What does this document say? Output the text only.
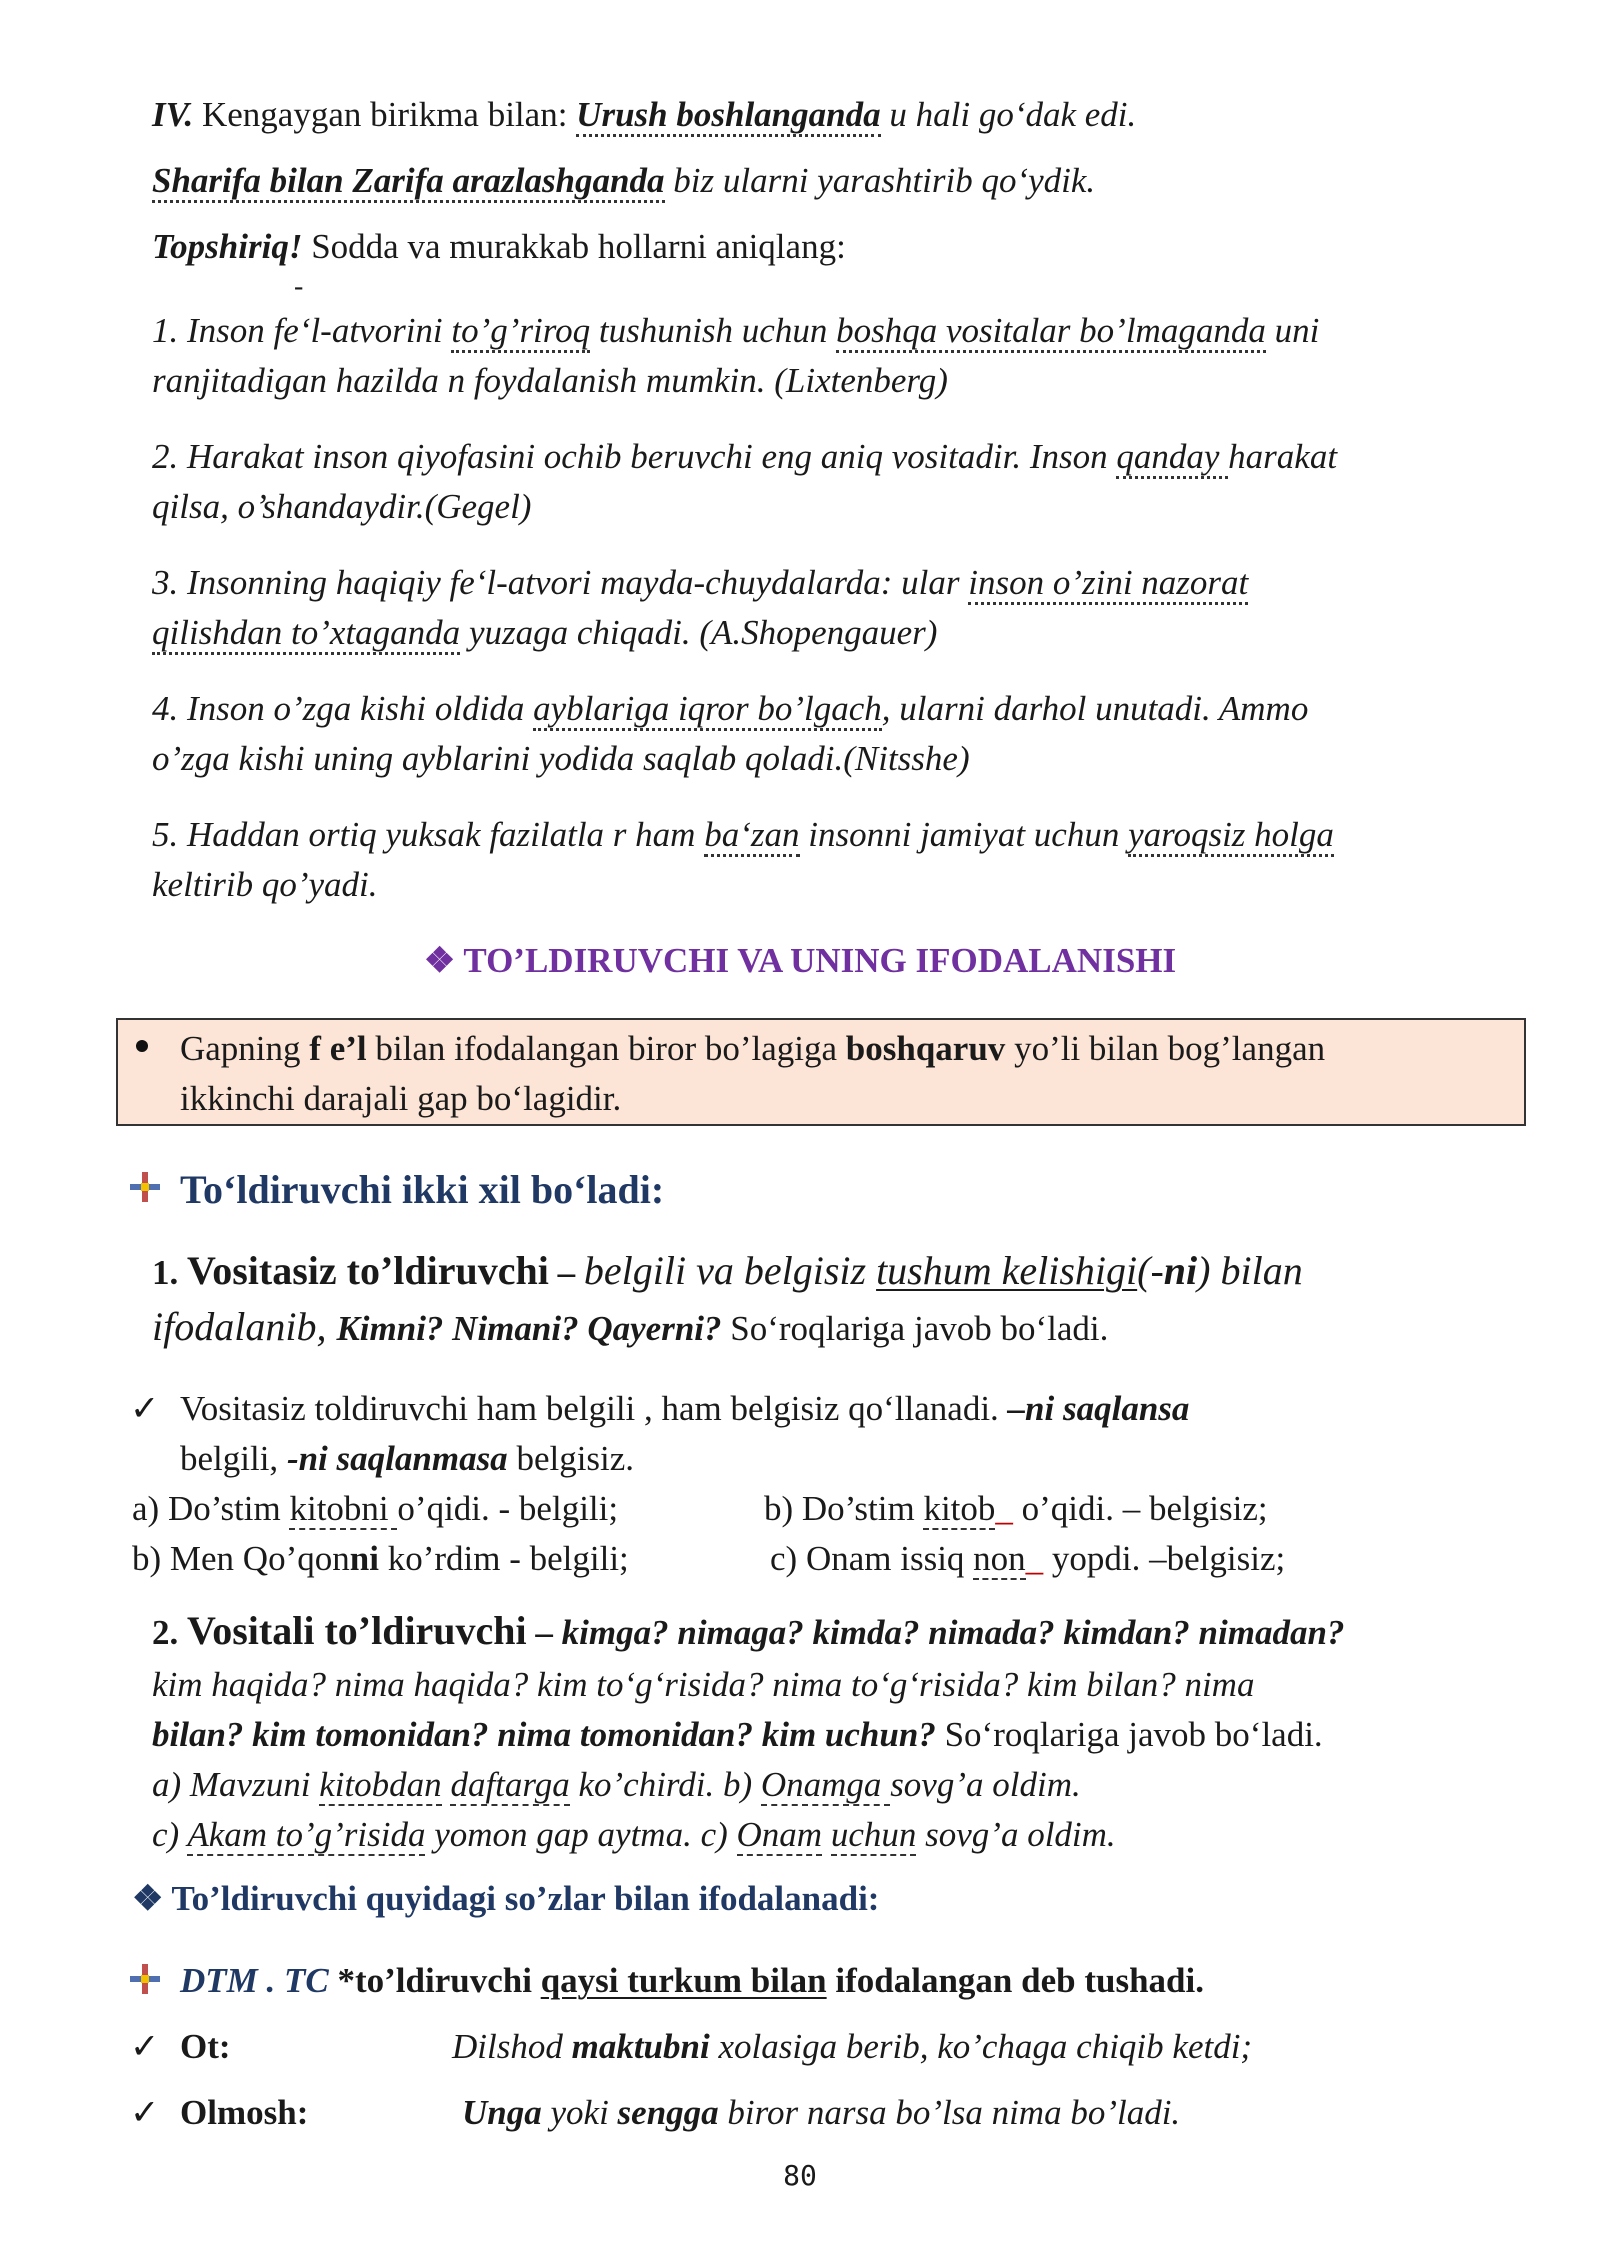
IV. Kengaygan birikma bilan: Urush boshlanganda u hali go‘dak edi.
Sharifa bilan Zarifa arazlashganda biz ularni yarashtirib qo‘ydik.
Topshiriq! Sodda va murakkab hollarni aniqlang:
-
1. Inson fe‘l-atvorini to’g’riroq tushunish uchun boshqa vositalar bo’lmaganda uni
ranjitadigan hazilda n foydalanish mumkin. (Lixtenberg)
2. Harakat inson qiyofasini ochib beruvchi eng aniq vositadir. Inson qanday harakat
qilsa, o’shandaydir.(Gegel)
3. Insonning haqiqiy fe‘l-atvori mayda-chuydalarda: ular inson o’zini nazorat
qilishdan to’xtaganda yuzaga chiqadi. (A.Shopengauer)
4. Inson o’zga kishi oldida ayblariga iqror bo’lgach, ularni darhol unutadi. Ammo
o’zga kishi uning ayblarini yodida saqlab qoladi.(Nitsshe)
5. Haddan ortiq yuksak fazilatla r ham ba‘zan insonni jamiyat uchun yaroqsiz holga
keltirib qo’yadi.
❖ TO’LDIRUVCHI VA UNING IFODALANISHI
Gapning f e’l bilan ifodalangan biror bo’lagiga boshqaruv yo’li bilan bog’langan
ikkinchi darajali gap bo‘lagidir.
To‘ldiruvchi ikki xil bo‘ladi:
1. Vositasiz to’ldiruvchi – belgili va belgisiz tushum kelishigi(-ni) bilan
ifodalanib, Kimni? Nimani? Qayerni? So‘roqlariga javob bo‘ladi.
✓ Vositasiz toldiruvchi ham belgili , ham belgisiz qo‘llanadi. –ni saqlansa
belgili, -ni saqlanmasa belgisiz.
a) Do’stim kitobni o’qidi. - belgili;	b) Do’stim kitob_ o’qidi. – belgisiz;
b) Men Qo’qonni ko’rdim - belgili;	c) Onam issiq non_ yopdi. –belgisiz;
2. Vositali to’ldiruvchi – kimga? nimaga? kimda? nimada? kimdan? nimadan?
kim haqida? nima haqida? kim to‘g‘risida? nima to‘g‘risida? kim bilan? nima
bilan? kim tomonidan? nima tomonidan? kim uchun? So‘roqlariga javob bo‘ladi.
a) Mavzuni kitobdan daftarga ko’chirdi. b) Onamga sovg’a oldim.
c) Akam to’g’risida yomon gap aytma. c) Onam uchun sovg’a oldim.
❖ To’ldiruvchi quyidagi so’zlar bilan ifodalanadi:
DTM . TC *to’ldiruvchi qaysi turkum bilan ifodalangan deb tushadi.
✓ Ot:	Dilshod maktubni xolasiga berib, ko’chaga chiqib ketdi;
✓ Olmosh:	Unga yoki sengga biror narsa bo’lsa nima bo’ladi.
80
